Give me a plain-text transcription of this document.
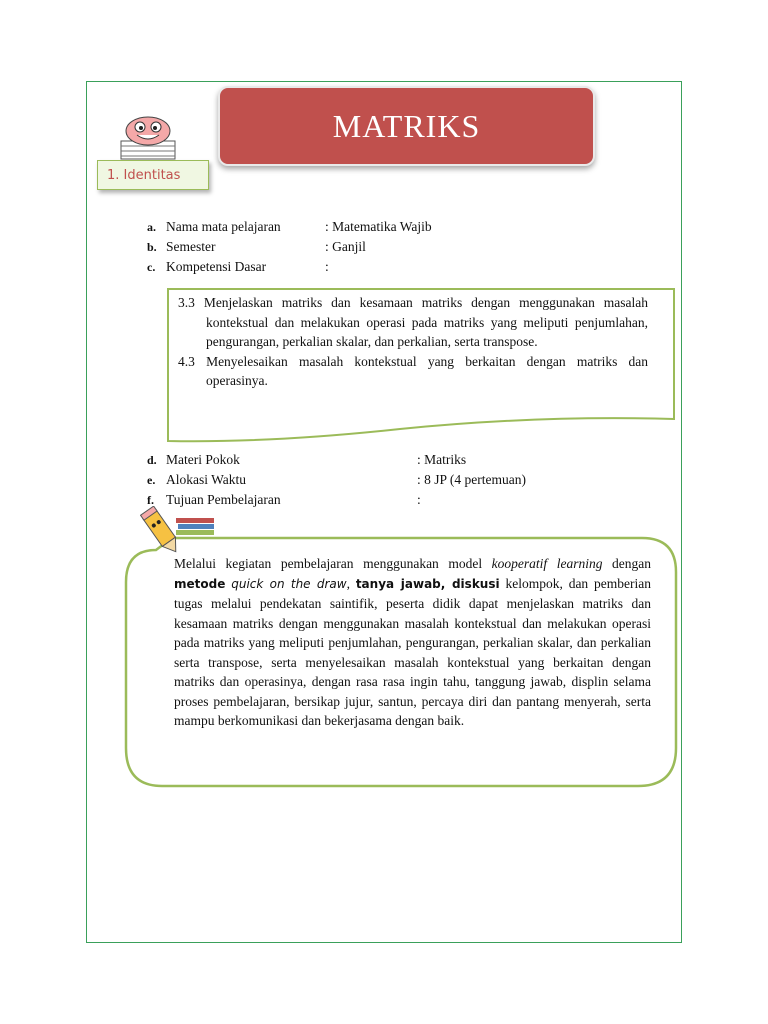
MATRIKS
1. Identitas
a. Nama mata pelajaran	: Matematika Wajib
b. Semester	: Ganjil
c. Kompetensi Dasar	:

3.3 Menjelaskan matriks dan kesamaan matriks dengan menggunakan masalah kontekstual dan melakukan operasi pada matriks yang meliputi penjumlahan, pengurangan, perkalian skalar, dan perkalian, serta transpose.

4.3 Menyelesaikan masalah kontekstual yang berkaitan dengan matriks dan operasinya.

d. Materi Pokok	: Matriks
e. Alokasi Waktu	: 8 JP (4 pertemuan)
f. Tujuan Pembelajaran	:
Melalui kegiatan pembelajaran menggunakan model kooperatif learning dengan metode quick on the draw, tanya jawab, diskusi kelompok, dan pemberian tugas melalui pendekatan saintifik, peserta didik dapat menjelaskan matriks dan kesamaan matriks dengan menggunakan masalah kontekstual dan melakukan operasi pada matriks yang meliputi penjumlahan, pengurangan, perkalian skalar, dan perkalian serta transpose, serta menyelesaikan masalah kontekstual yang berkaitan dengan matriks dan operasinya, dengan rasa rasa ingin tahu, tanggung jawab, displin selama proses pembelajaran, bersikap jujur, santun, percaya diri dan pantang menyerah, serta mampu berkomunikasi dan bekerjasama dengan baik.
